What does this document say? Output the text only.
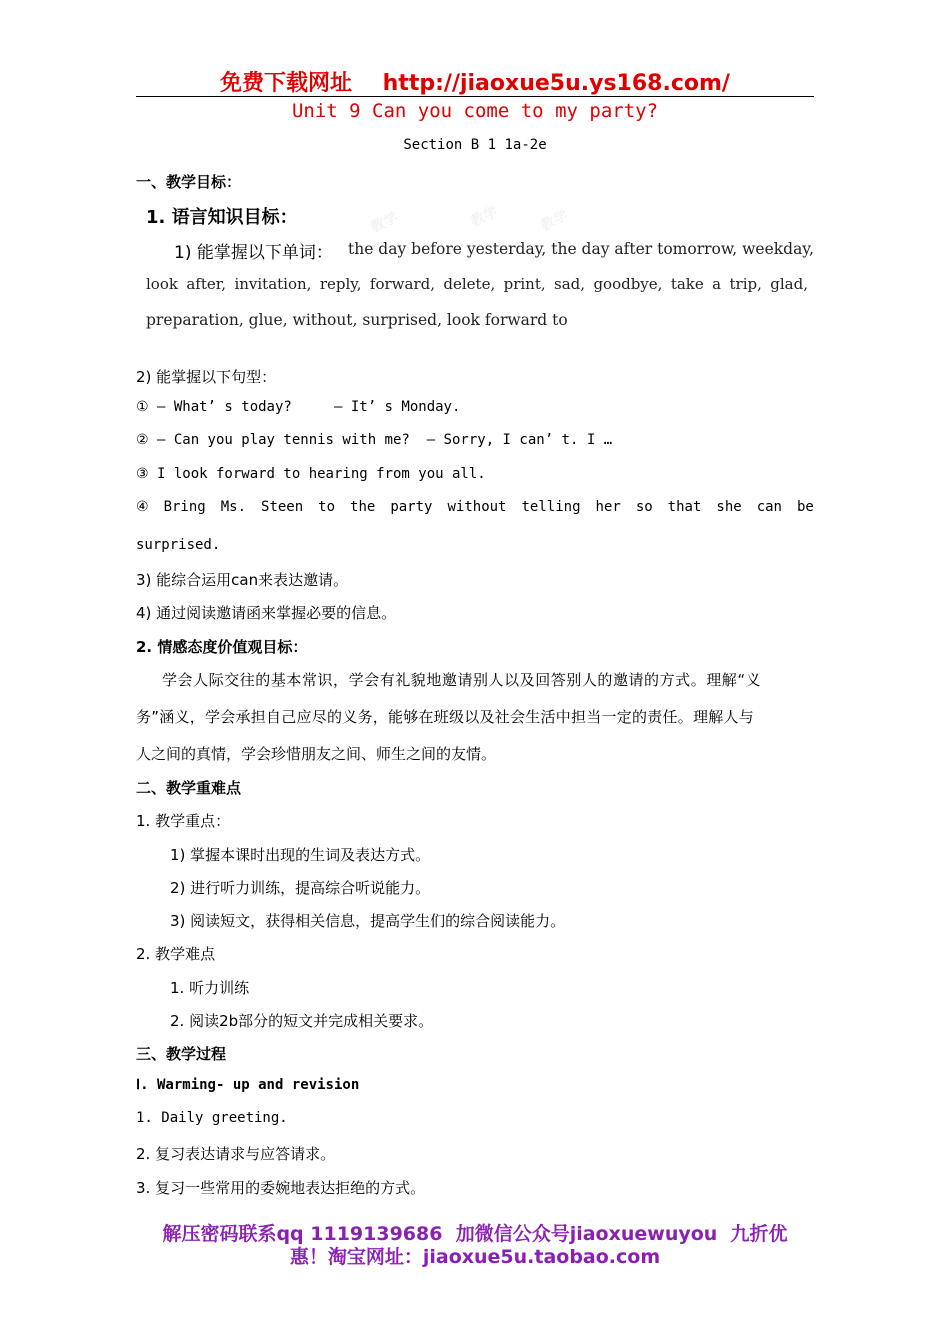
免费下载网址    http://jiaoxue5u.ys168.com/
Unit 9 Can you come to my party?
Section B 1 1a-2e
一、教学目标：
教学	教学	教学
1. 语言知识目标：
1) 能掌握以下单词： the day before yesterday, the day after tomorrow, weekday,
look after, invitation, reply, forward, delete, print, sad, goodbye, take a trip, glad,
preparation, glue, without, surprised, look forward to
2) 能掌握以下句型：
① — What’ s today?     — It’ s Monday.
② — Can you play tennis with me?  — Sorry, I can’ t. I …
③ I look forward to hearing from you all.
④ Bring Ms. Steen to the party without telling her so that she can be
surprised.
3) 能综合运用can来表达邀请。
4) 通过阅读邀请函来掌握必要的信息。
2. 情感态度价值观目标：
学会人际交往的基本常识，学会有礼貌地邀请别人以及回答别人的邀请的方式。理解“义
务”涵义，学会承担自己应尽的义务，能够在班级以及社会生活中担当一定的责任。理解人与
人之间的真情，学会珍惜朋友之间、师生之间的友情。
二、教学重难点
1. 教学重点：
1) 掌握本课时出现的生词及表达方式。
2) 进行听力训练，提高综合听说能力。
3) 阅读短文，获得相关信息，提高学生们的综合阅读能力。
2. 教学难点
1. 听力训练
2. 阅读2b部分的短文并完成相关要求。
三、教学过程
Ⅰ. Warming- up and revision
1. Daily greeting.
2. 复习表达请求与应答请求。
3. 复习一些常用的委婉地表达拒绝的方式。
解压密码联系qq 1119139686  加微信公众号jiaoxuewuyou  九折优
惠！淘宝网址：jiaoxue5u.taobao.com
